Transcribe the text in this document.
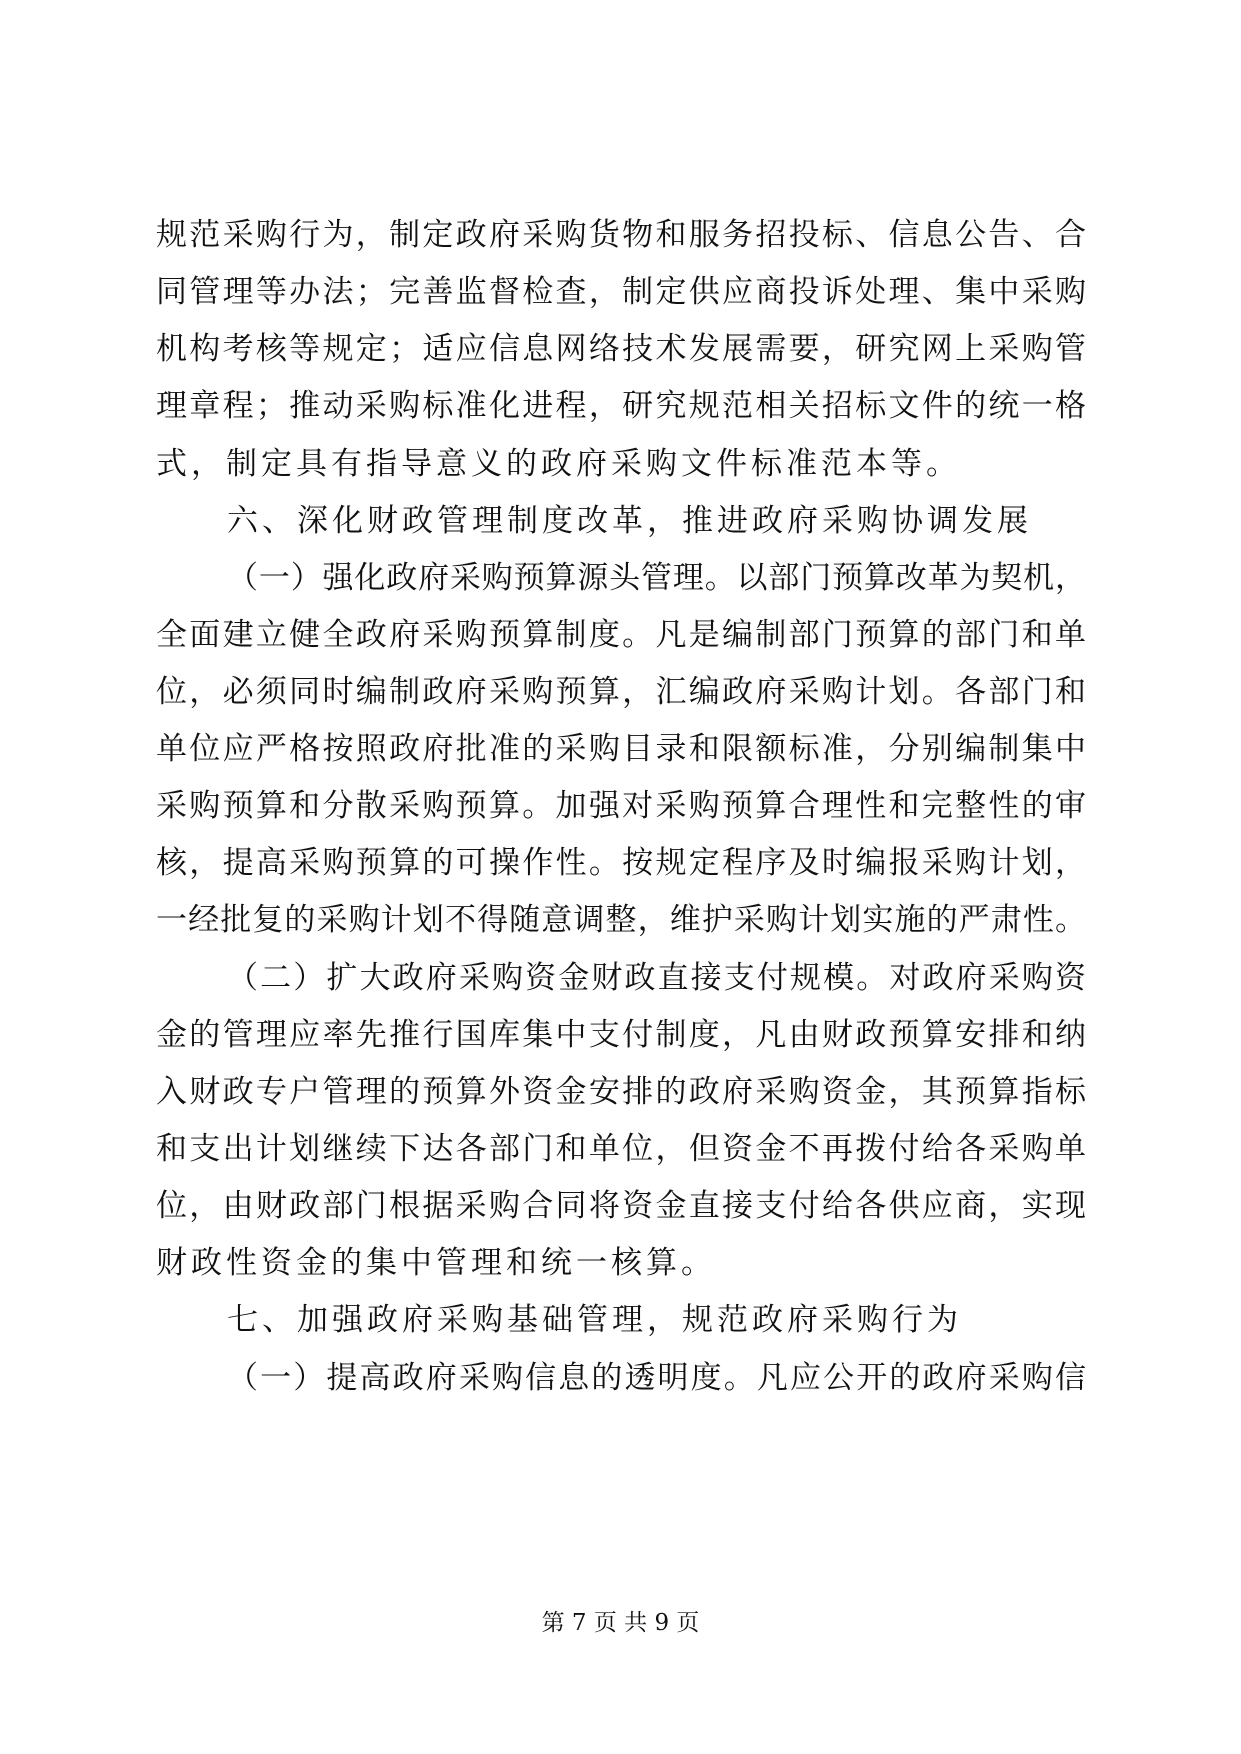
规范采购行为，制定政府采购货物和服务招投标、信息公告、合
同管理等办法；完善监督检查，制定供应商投诉处理、集中采购
机构考核等规定；适应信息网络技术发展需要，研究网上采购管
理章程；推动采购标准化进程，研究规范相关招标文件的统一格
式，制定具有指导意义的政府采购文件标准范本等。
六、深化财政管理制度改革，推进政府采购协调发展
（一）强化政府采购预算源头管理。以部门预算改革为契机，
全面建立健全政府采购预算制度。凡是编制部门预算的部门和单
位，必须同时编制政府采购预算，汇编政府采购计划。各部门和
单位应严格按照政府批准的采购目录和限额标准，分别编制集中
采购预算和分散采购预算。加强对采购预算合理性和完整性的审
核，提高采购预算的可操作性。按规定程序及时编报采购计划，
一经批复的采购计划不得随意调整，维护采购计划实施的严肃性。
（二）扩大政府采购资金财政直接支付规模。对政府采购资
金的管理应率先推行国库集中支付制度，凡由财政预算安排和纳
入财政专户管理的预算外资金安排的政府采购资金，其预算指标
和支出计划继续下达各部门和单位，但资金不再拨付给各采购单
位，由财政部门根据采购合同将资金直接支付给各供应商，实现
财政性资金的集中管理和统一核算。
七、加强政府采购基础管理，规范政府采购行为
（一）提高政府采购信息的透明度。凡应公开的政府采购信
第 7 页 共 9 页
